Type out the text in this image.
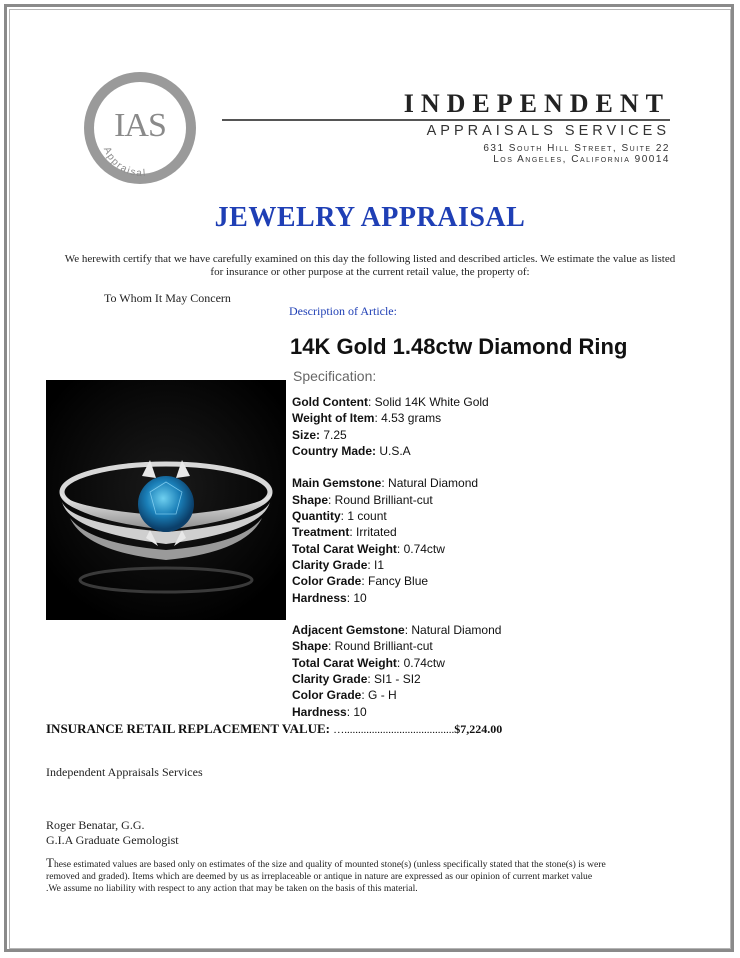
IAS
Appraisal
INDEPENDENT
APPRAISALS SERVICES
631 South Hill Street, Suite 22
Los Angeles, California 90014
JEWELRY APPRAISAL
We herewith certify that we have carefully examined on this day the following listed and described articles. We estimate the value as listed for insurance or other purpose at the current retail value, the property of:
To Whom It May Concern
Description of Article:
14K Gold 1.48ctw Diamond Ring
Specification:
Gold Content: Solid 14K White Gold
Weight of Item: 4.53 grams
Size: 7.25
Country Made: U.S.A
Main Gemstone: Natural Diamond
Shape: Round Brilliant-cut
Quantity: 1 count
Treatment: Irritated
Total Carat Weight: 0.74ctw
Clarity Grade: I1
Color Grade: Fancy Blue
Hardness: 10
Adjacent Gemstone: Natural Diamond
Shape: Round Brilliant-cut
Total Carat Weight: 0.74ctw
Clarity Grade: SI1 - SI2
Color Grade: G - H
Hardness: 10
INSURANCE RETAIL REPLACEMENT VALUE: …........................................$7,224.00
Independent Appraisals Services
Roger Benatar, G.G.
G.I.A Graduate Gemologist
These estimated values are based only on estimates of the size and quality of mounted stone(s) (unless specifically stated that the stone(s) is were removed and graded). Items which are deemed by us as irreplaceable or antique in nature are expressed as our opinion of current market value .We assume no liability with respect to any action that may be taken on the basis of this material.
